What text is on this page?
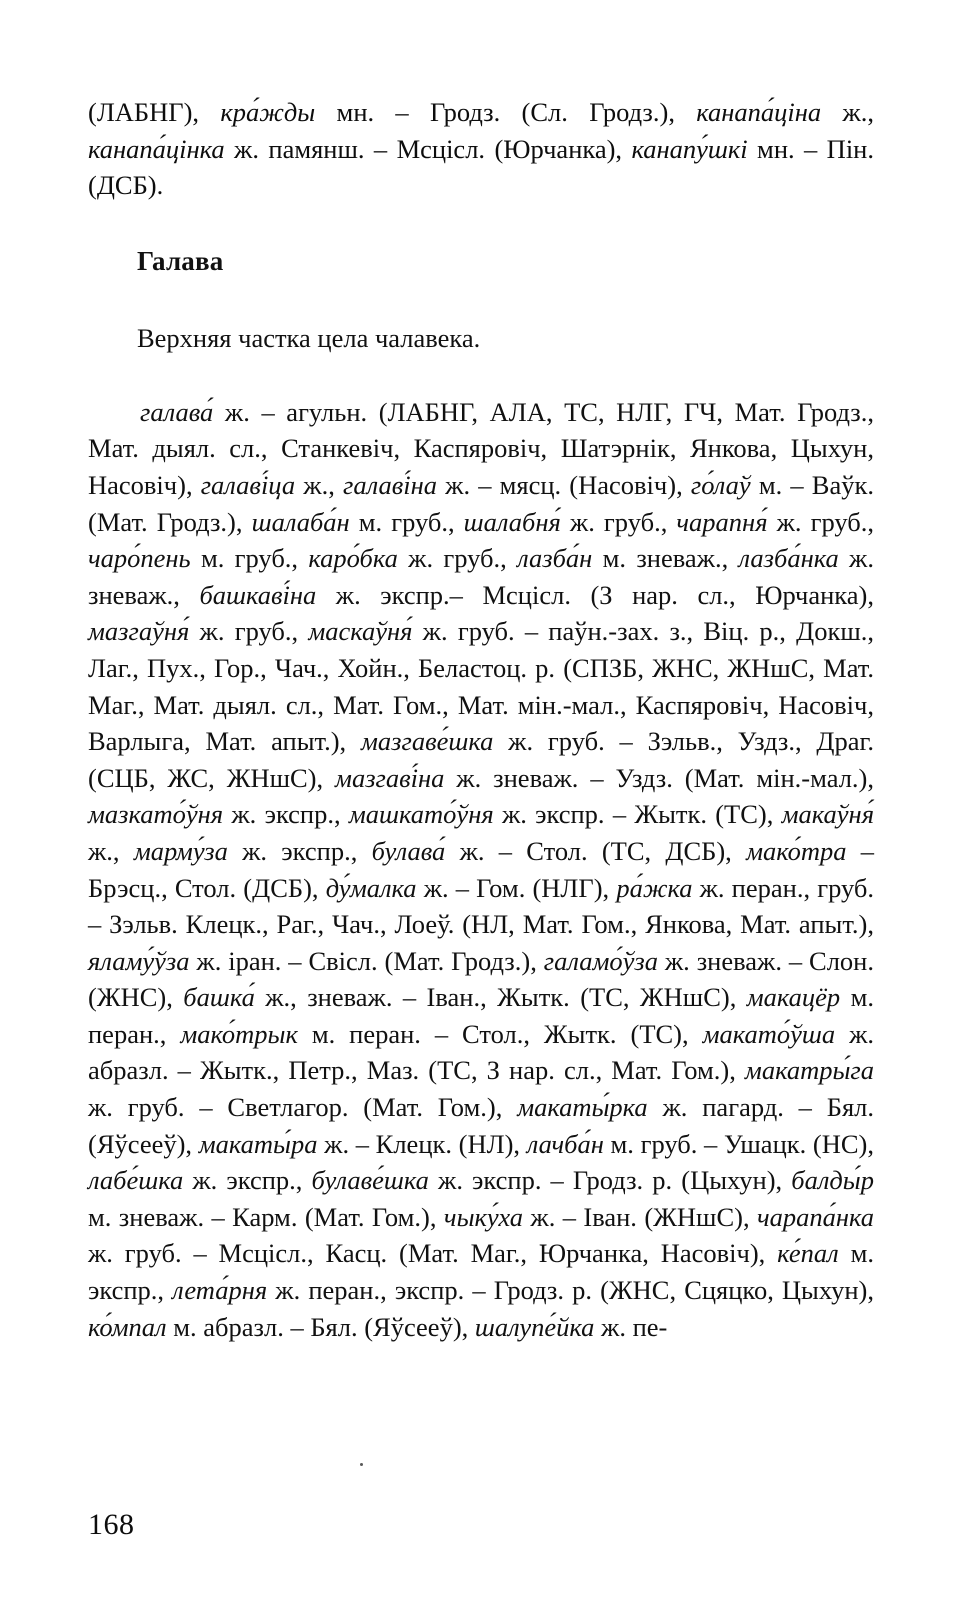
(ЛАБНГ), кра́жды мн. – Гродз. (Сл. Гродз.), канапа́ціна ж., канапа́цінка ж. памянш. – Мсціcл. (Юрчанка), канапу́шкі мн. – Пін. (ДСБ).

Галава

Верхняя частка цела чалавека.

галава́ ж. – агульн. (ЛАБНГ, АЛА, ТС, НЛГ, ГЧ, Мат. Гродз., Мат. дыял. сл., Станкевіч, Каспяровіч, Шатэрнік, Янкова, Цыхун, Насовіч), галаві́ца ж., галаві́на ж. – мясц. (Насовіч), го́лаў м. – Ваўк. (Мат. Гродз.), шалаба́н м. груб., шалабня́ ж. груб., чарапня́ ж. груб., чаро́пень м. груб., каро́бка ж. груб., лазба́н м. зневаж., лазба́нка ж. зневаж., башкаві́на ж. экспр.– Мсціcл. (З нар. сл., Юрчанка), мазгаўня́ ж. груб., маскаўня́ ж. груб. – паўн.-зах. з., Віц. р., Докш., Лаг., Пух., Гор., Чач., Хойн., Беластоц. р. (СПЗБ, ЖНС, ЖНшС, Мат. Маг., Мат. дыял. сл., Мат. Гом., Мат. мін.-мал., Каспяровіч, Насовіч, Варлыга, Мат. апыт.), мазгаве́шка ж. груб. – Зэльв., Уздз., Драг. (СЦБ, ЖС, ЖНшС), мазгаві́на ж. зневаж. – Уздз. (Мат. мін.-мал.), мазкато́ўня ж. экспр., машкато́ўня ж. экспр. – Жытк. (ТС), макаўня́ ж., марму́за ж. экспр., булава́ ж. – Стол. (ТС, ДСБ), мако́тра – Брэсц., Стол. (ДСБ), ду́малка ж. – Гом. (НЛГ), ра́жка ж. перан., груб. – Зэльв. Клецк., Раг., Чач., Лоеў. (НЛ, Мат. Гом., Янкова, Мат. апыт.), яламу́ўза ж. іран. – Свісл. (Мат. Гродз.), галамо́ўза ж. зневаж. – Слон. (ЖНС), башка́ ж., зневаж. – Іван., Жытк. (ТС, ЖНшС), макацёр м. перан., мако́трык м. перан. – Стол., Жытк. (ТС), макато́ўша ж. абразл. – Жытк., Петр., Маз. (ТС, З нар. сл., Мат. Гом.), макатры́га ж. груб. – Светлагор. (Мат. Гом.), макаты́рка ж. пагард. – Бял. (Яўсееў), макаты́ра ж. – Клецк. (НЛ), лачба́н м. груб. – Ушацк. (НС), лабе́шка ж. экспр., булаве́шка ж. экспр. – Гродз. р. (Цыхун), балды́р м. зневаж. – Карм. (Мат. Гом.), чыку́ха ж. – Іван. (ЖНшС), чарапа́нка ж. груб. – Мсціcл., Касц. (Мат. Маг., Юрчанка, Насовіч), ке́пал м. экспр., лета́рня ж. перан., экспр. – Гродз. р. (ЖНС, Сцяцко, Цыхун), ко́мпал м. абразл. – Бял. (Яўсееў), шалупе́йка ж. пе-

168
